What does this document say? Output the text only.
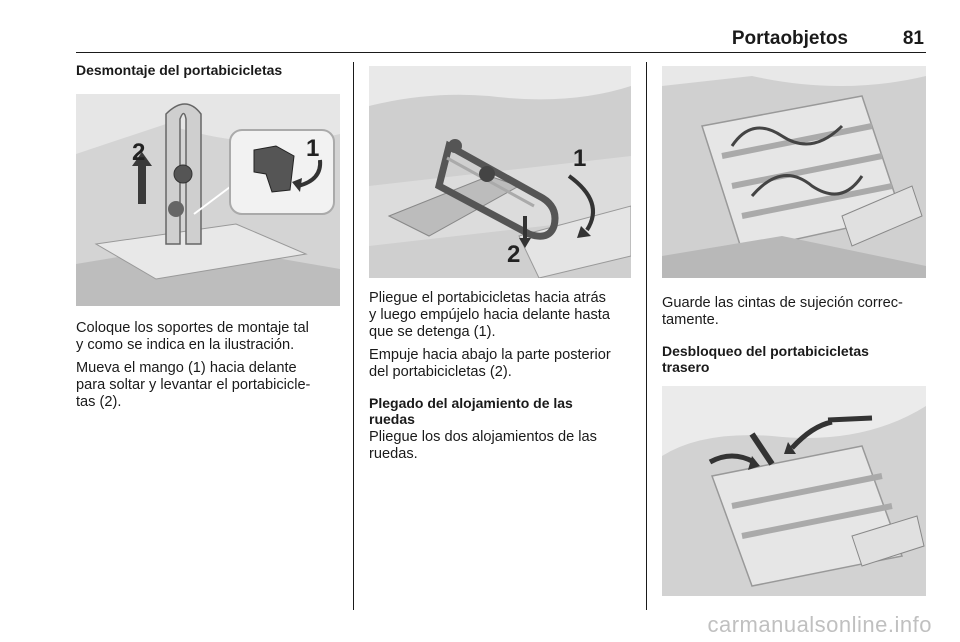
Portaobjetos	81
Desmontaje del portabicicletas
2	1

Coloque los soportes de montaje tal
y como se indica en la ilustración.

Mueva el mango (1) hacia delante
para soltar y levantar el portabicicle-
tas (2).

1
2

Pliegue el portabicicletas hacia atrás
y luego empújelo hacia delante hasta
que se detenga (1).

Empuje hacia abajo la parte posterior
del portabicicletas (2).

Plegado del alojamiento de las
ruedas

Pliegue los dos alojamientos de las
ruedas.

Guarde las cintas de sujeción correc-
tamente.

Desbloqueo del portabicicletas
trasero
carmanualsonline.info
